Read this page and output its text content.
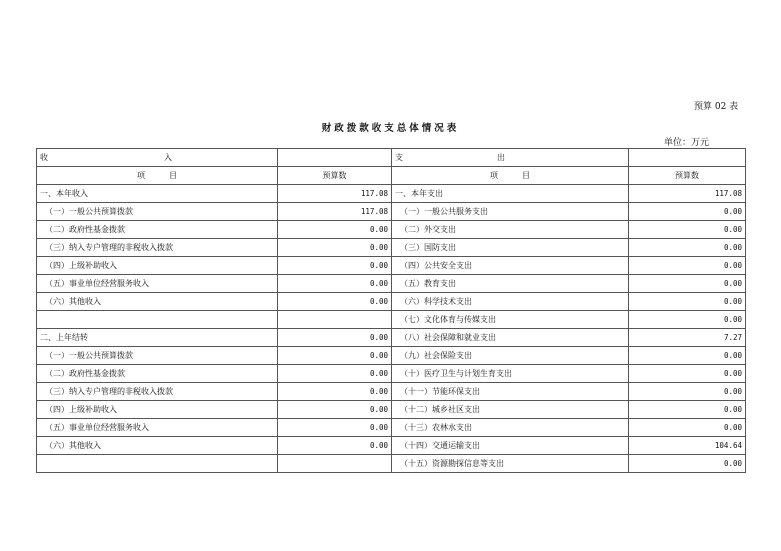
预算 02 表
财政拨款收支总体情况表
单位：万元
收 入		支 出	

项　　　目	预算数	项　　　目	预算数
一、本年收入	117.08	一、本年支出	117.08
（一）一般公共预算拨款	117.08	（一）一般公共服务支出	0.00
（二）政府性基金拨款	0.00	（二）外交支出	0.00
（三）纳入专户管理的非税收入拨款	0.00	（三）国防支出	0.00
（四）上级补助收入	0.00	（四）公共安全支出	0.00
（五）事业单位经营服务收入	0.00	（五）教育支出	0.00
（六）其他收入	0.00	（六）科学技术支出	0.00
		（七）文化体育与传媒支出	0.00
二、上年结转	0.00	（八）社会保障和就业支出	7.27
（一）一般公共预算拨款	0.00	（九）社会保险支出	0.00
（二）政府性基金拨款	0.00	（十）医疗卫生与计划生育支出	0.00
（三）纳入专户管理的非税收入拨款	0.00	（十一）节能环保支出	0.00
（四）上级补助收入	0.00	（十二）城乡社区支出	0.00
（五）事业单位经营服务收入	0.00	（十三）农林水支出	0.00
（六）其他收入	0.00	（十四）交通运输支出	104.64
		（十五）资源勘探信息等支出	0.00
